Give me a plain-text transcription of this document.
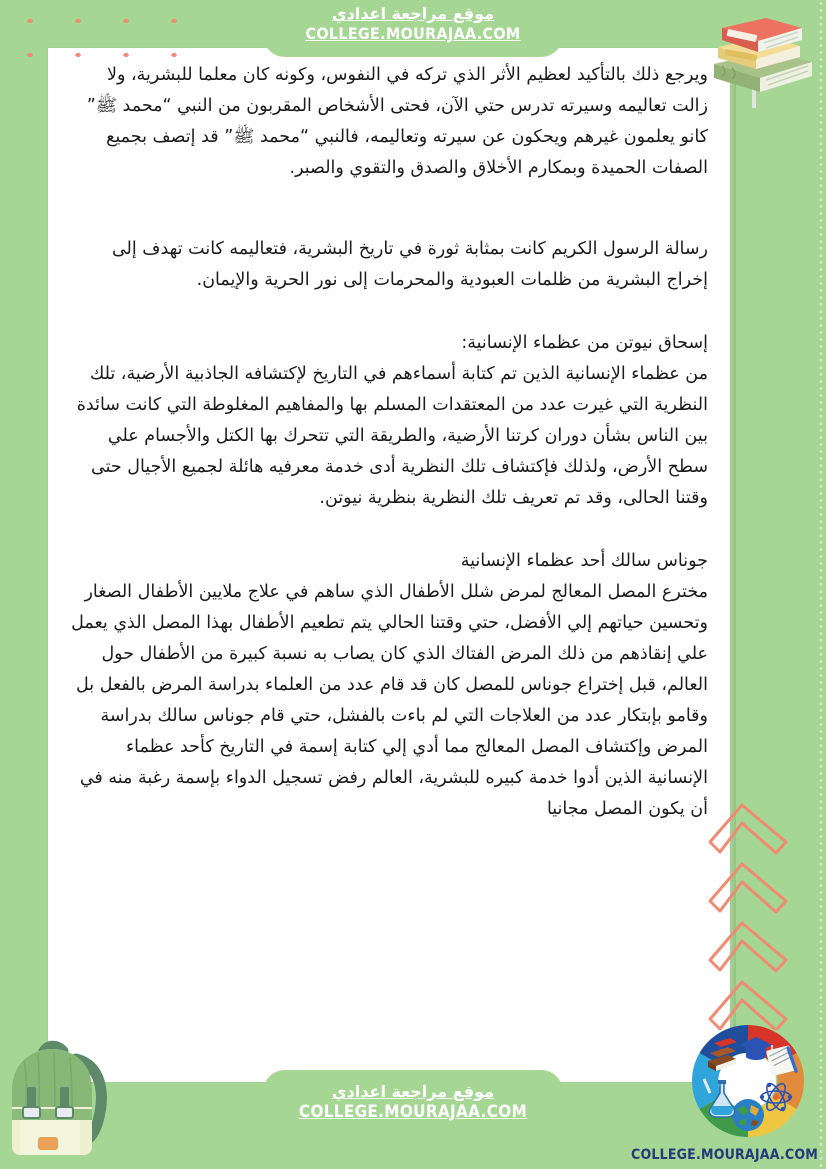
موقع مراجعة اعدادي
COLLEGE.MOURAJAA.COM

ويرجع ذلك بالتأكيد لعظيم الأثر الذي تركه في النفوس، وكونه كان معلما للبشرية، ولا زالت تعاليمه وسيرته تدرس حتي الآن، فحتى الأشخاص المقربون من النبي “محمد ﷺ” كانو يعلمون غيرهم ويحكون عن سيرته وتعاليمه، فالنبي “محمد ﷺ” قد إتصف بجميع الصفات الحميدة وبمكارم الأخلاق والصدق والتقوي والصبر.

رسالة الرسول الكريم كانت بمثابة ثورة في تاريخ البشرية، فتعاليمه كانت تهدف إلى إخراج البشرية من ظلمات العبودية والمحرمات إلى نور الحرية والإيمان.

إسحاق نيوتن من عظماء الإنسانية:

من عظماء الإنسانية الذين تم كتابة أسماءهم في التاريخ لإكتشافه الجاذبية الأرضية، تلك النظرية التي غيرت عدد من المعتقدات المسلم بها والمفاهيم المغلوطة التي كانت سائدة بين الناس بشأن دوران كرتنا الأرضية، والطريقة التي تتحرك بها الكتل والأجسام علي سطح الأرض، ولذلك فإكتشاف تلك النظرية أدى خدمة معرفيه هائلة لجميع الأجيال حتى وقتنا الحالى، وقد تم تعريف تلك النظرية بنظرية نيوتن.

جوناس سالك أحد عظماء الإنسانية

مخترع المصل المعالج لمرض شلل الأطفال الذي ساهم في علاج ملايين الأطفال الصغار وتحسين حياتهم إلي الأفضل، حتي وقتنا الحالي يتم تطعيم الأطفال بهذا المصل الذي يعمل علي إنقاذهم من ذلك المرض الفتاك الذي كان يصاب به نسبة كبيرة من الأطفال حول العالم، قبل إختراع جوناس للمصل كان قد قام عدد من العلماء بدراسة المرض بالفعل بل وقامو بإبتكار عدد من العلاجات التي لم باءت بالفشل، حتي قام جوناس سالك بدراسة المرض وإكتشاف المصل المعالج مما أدي إلي كتابة إسمة في التاريخ كأحد عظماء الإنسانية الذين أدوا خدمة كبيره للبشرية، العالم رفض تسجيل الدواء بإسمة رغبة منه في أن يكون المصل مجانيا

موقع مراجعة اعدادي
COLLEGE.MOURAJAA.COM
COLLEGE.MOURAJAA.COM
